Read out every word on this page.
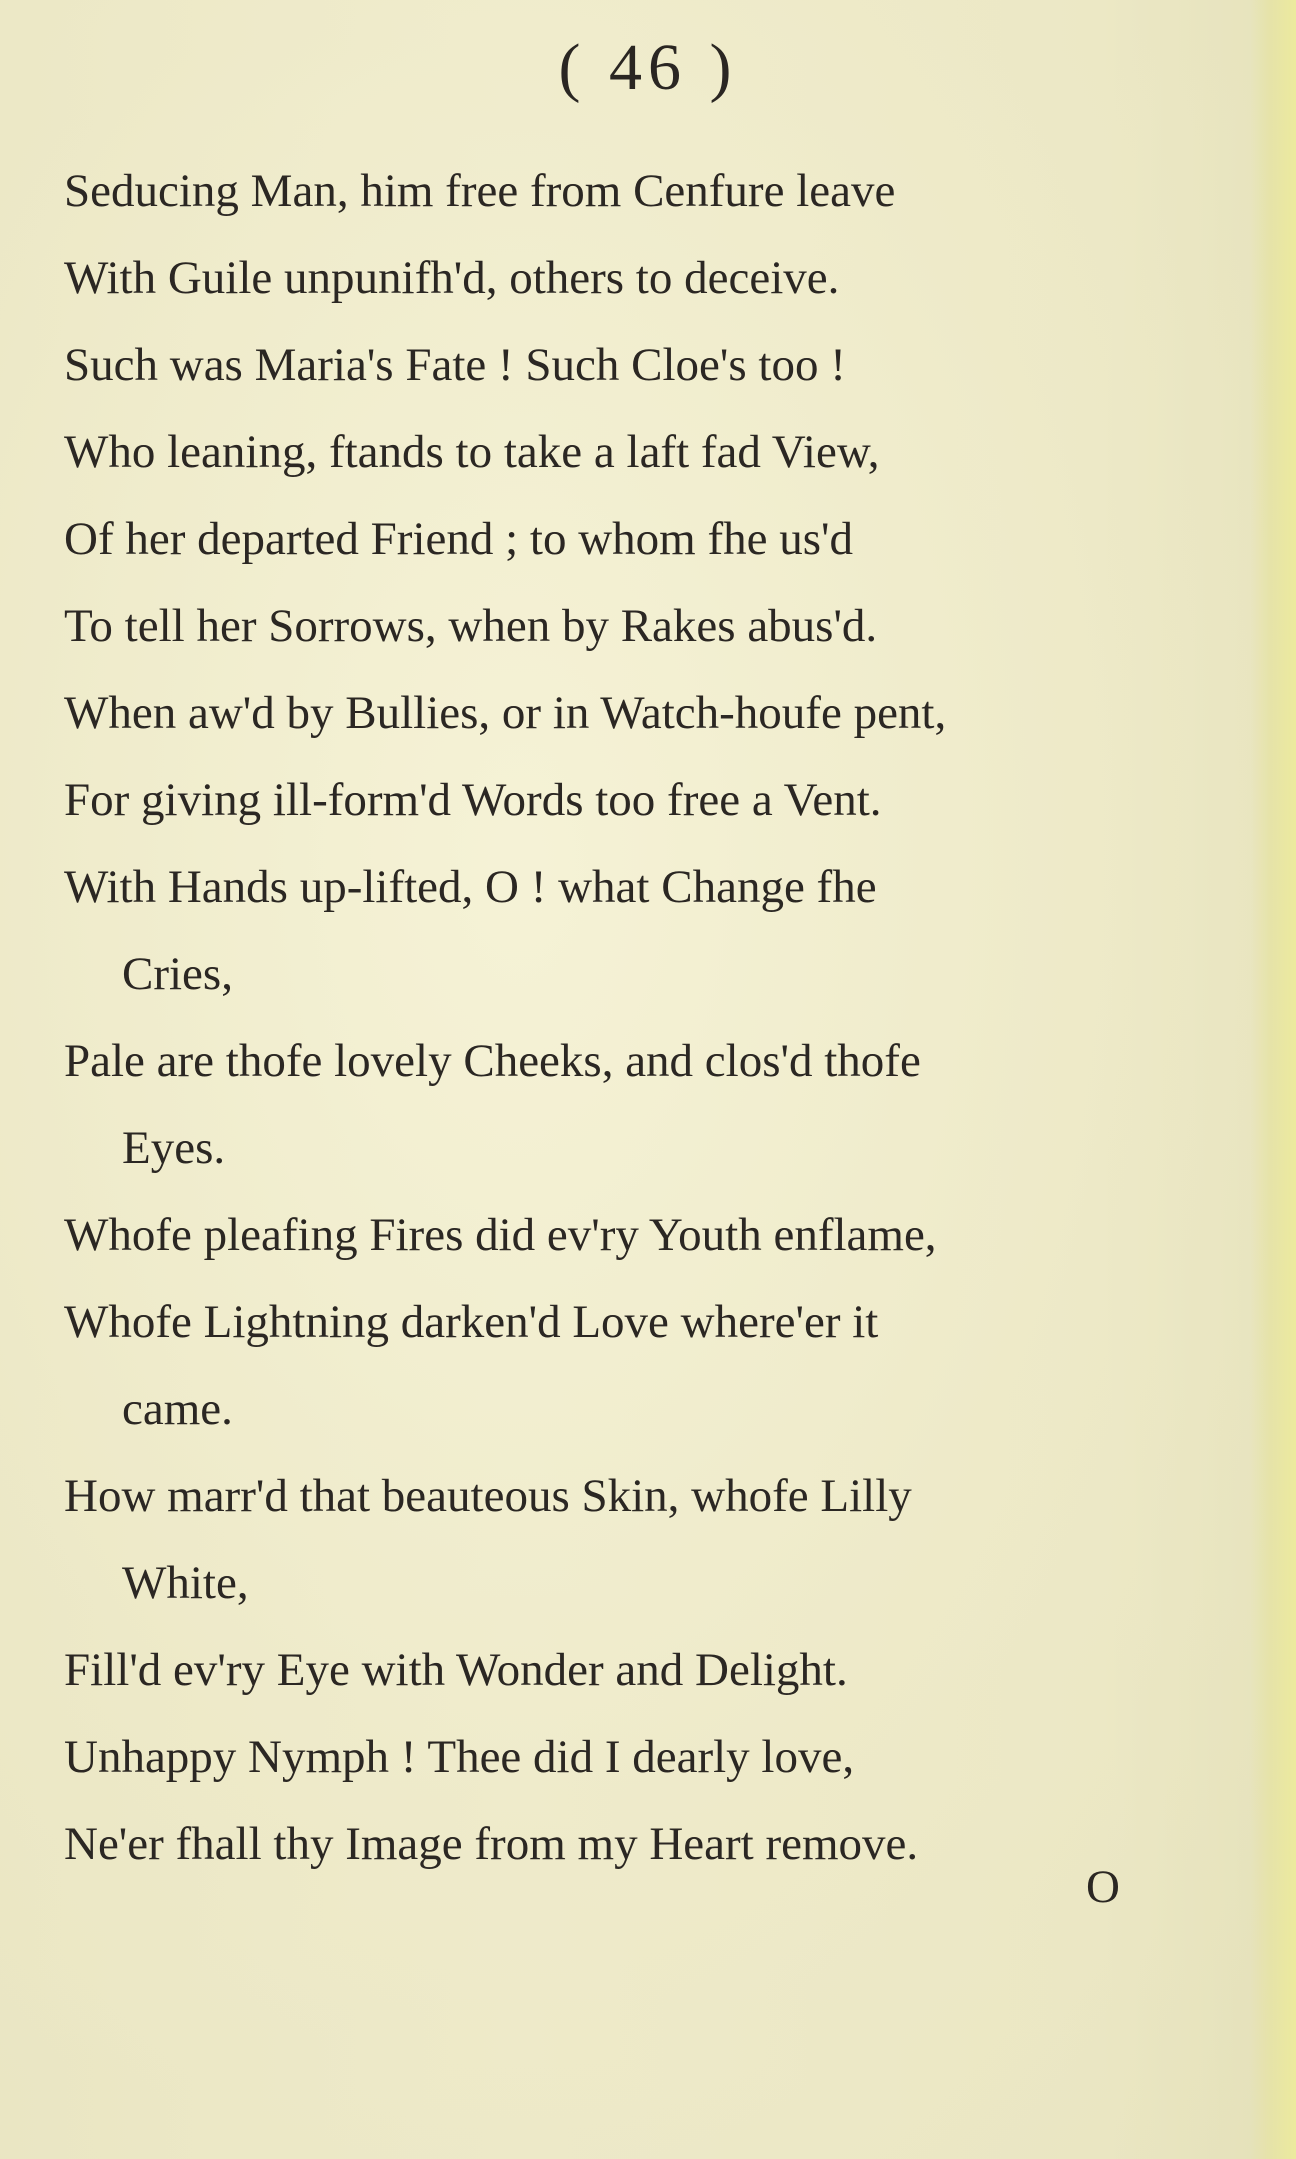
( 46 )
Seducing Man, him free from Cenfure leave
With Guile unpunifh'd, others to deceive.
Such was Maria's Fate ! Such Cloe's too !
Who leaning, ftands to take a laft fad View,
Of her departed Friend ; to whom fhe us'd
To tell her Sorrows, when by Rakes abus'd.
When aw'd by Bullies, or in Watch-houfe pent,
For giving ill-form'd Words too free a Vent.
With Hands up-lifted, O ! what Change fhe
Cries,
Pale are thofe lovely Cheeks, and clos'd thofe
Eyes.
Whofe pleafing Fires did ev'ry Youth enflame,
Whofe Lightning darken'd Love where'er it
came.
How marr'd that beauteous Skin, whofe Lilly
White,
Fill'd ev'ry Eye with Wonder and Delight.
Unhappy Nymph ! Thee did I dearly love,
Ne'er fhall thy Image from my Heart remove.
O
